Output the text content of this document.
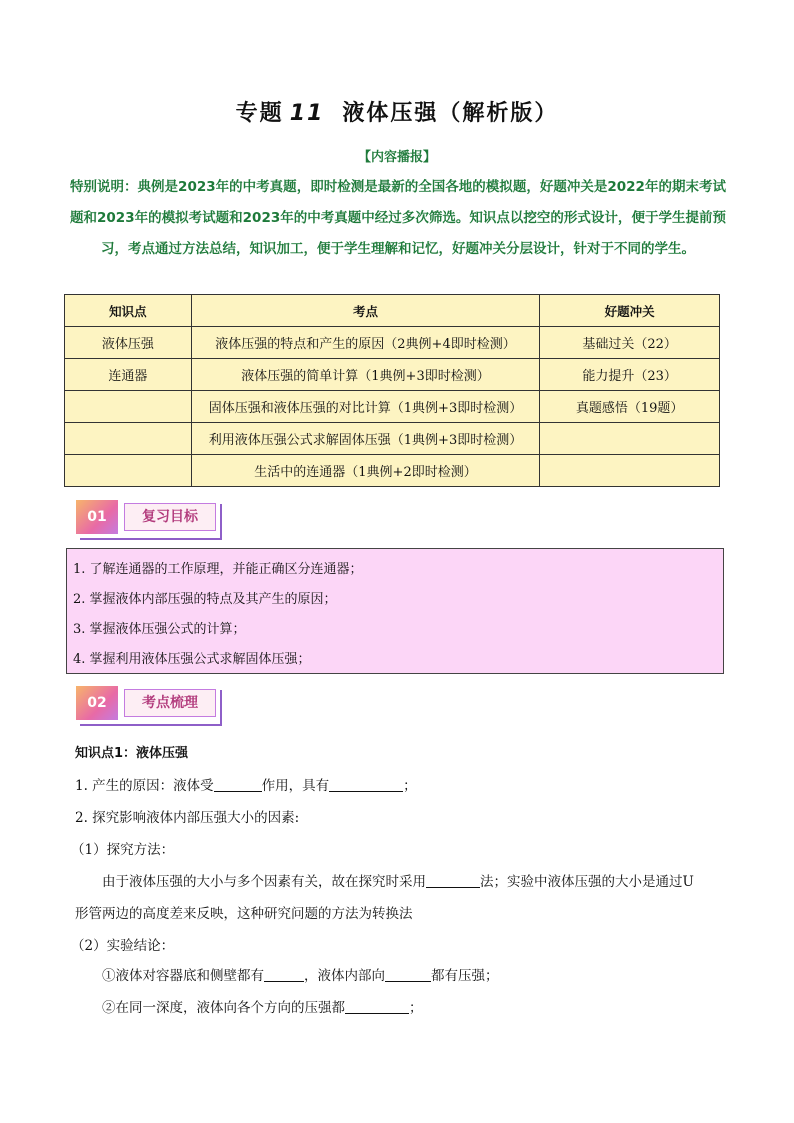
专题 11 液体压强（解析版）
【内容播报】
特别说明：典例是2023年的中考真题，即时检测是最新的全国各地的模拟题，好题冲关是2022年的期末考试题和2023年的模拟考试题和2023年的中考真题中经过多次筛选。知识点以挖空的形式设计，便于学生提前预习，考点通过方法总结，知识加工，便于学生理解和记忆，好题冲关分层设计，针对于不同的学生。
知识点	考点	好题冲关
液体压强	液体压强的特点和产生的原因（2典例+4即时检测）	基础过关（22）
连通器	液体压强的简单计算（1典例+3即时检测）	能力提升（23）
	固体压强和液体压强的对比计算（1典例+3即时检测）	真题感悟（19题）
	利用液体压强公式求解固体压强（1典例+3即时检测）	
	生活中的连通器（1典例+2即时检测）	
01	复习目标
1. 了解连通器的工作原理，并能正确区分连通器；
2. 掌握液体内部压强的特点及其产生的原因；
3. 掌握液体压强公式的计算；
4. 掌握利用液体压强公式求解固体压强；
02	考点梳理
知识点1：液体压强
1. 产生的原因：液体受	作用，具有	；
2. 探究影响液体内部压强大小的因素:
（1）探究方法：
由于液体压强的大小与多个因素有关，故在探究时采用	法；实验中液体压强的大小是通过U
形管两边的高度差来反映，这种研究问题的方法为转换法
（2）实验结论：
①液体对容器底和侧壁都有	，液体内部向	都有压强；
②在同一深度，液体向各个方向的压强都	；
